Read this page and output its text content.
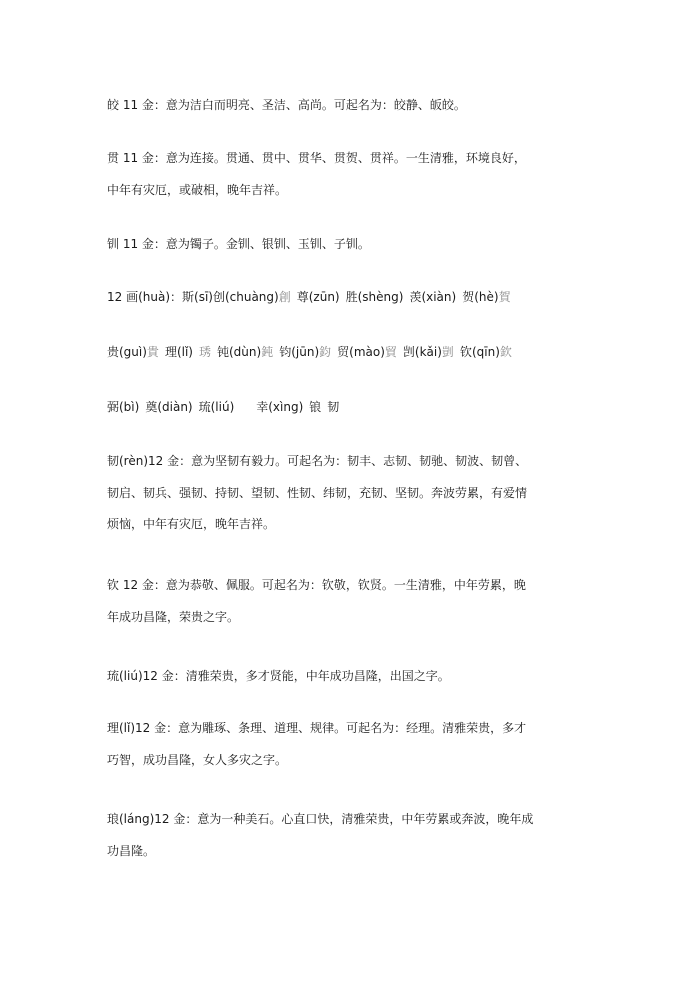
皎 11 金：意为洁白而明亮、圣洁、高尚。可起名为：皎静、皈皎。
贯 11 金：意为连接。贯通、贯中、贯华、贯贺、贯祥。一生清雅，环境良好，
中年有灾厄，或破相，晚年吉祥。
钏 11 金：意为镯子。金钏、银钏、玉钏、子钏。
12 画(huà)：斯(sī)创(chuàng)創 尊(zūn) 胜(shèng) 羡(xiàn) 贺(hè)賀
贵(guì)貴 理(lǐ) 琇 钝(dùn)鈍 钧(jūn)鈞 贸(mào)貿 剀(kǎi)剴 钦(qīn)欽
弼(bì) 奠(diàn) 琉(liú) 幸(xìng) 锒 韧
韧(rèn)12 金：意为坚韧有毅力。可起名为：韧丰、志韧、韧驰、韧波、韧曾、
韧启、韧兵、强韧、持韧、望韧、性韧、纬韧，充韧、坚韧。奔波劳累，有爱情
烦恼，中年有灾厄，晚年吉祥。
钦 12 金：意为恭敬、佩服。可起名为：钦敬，钦贤。一生清雅，中年劳累，晚
年成功昌隆，荣贵之字。
琉(liú)12 金：清雅荣贵，多才贤能，中年成功昌隆，出国之字。
理(lǐ)12 金：意为雕琢、条理、道理、规律。可起名为：经理。清雅荣贵，多才
巧智，成功昌隆，女人多灾之字。
琅(láng)12 金：意为一种美石。心直口快，清雅荣贵，中年劳累或奔波，晚年成
功昌隆。
